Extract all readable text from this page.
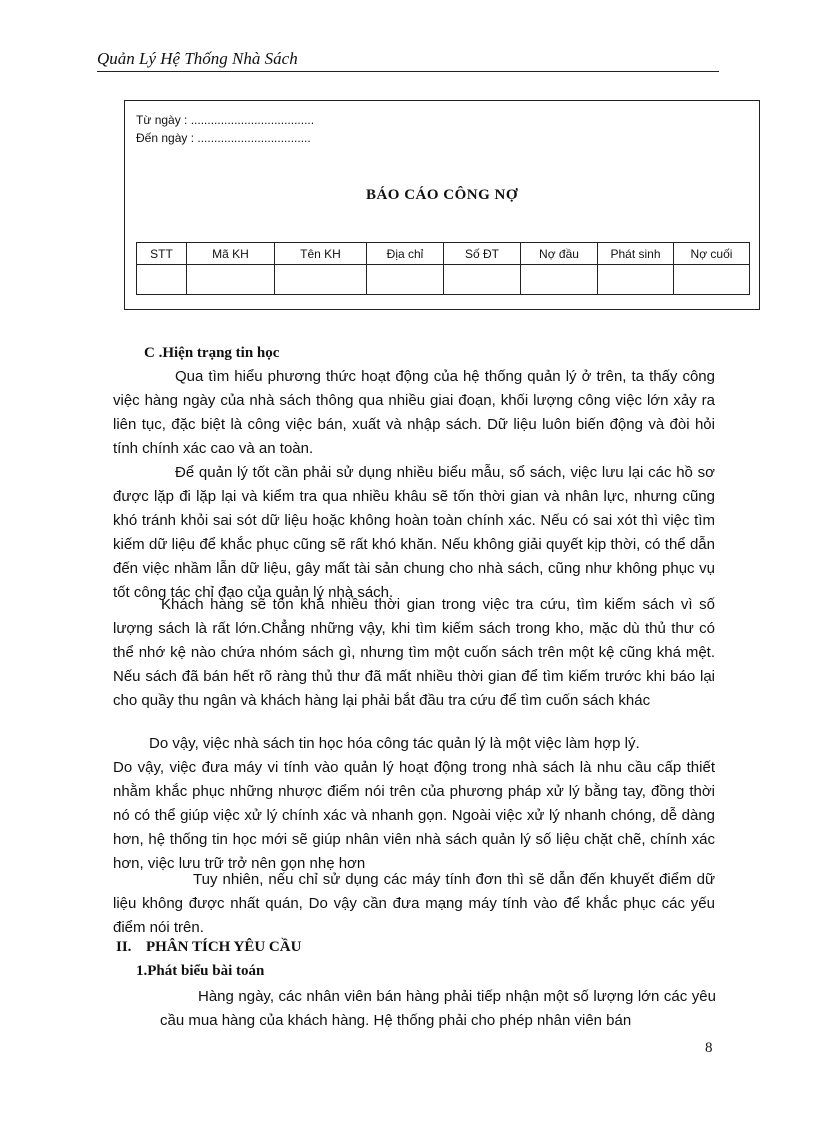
Quản Lý Hệ Thống Nhà Sách
Từ ngày : .....................................
Đến ngày : ..................................
BÁO CÁO CÔNG NỢ
STT	Mã KH	Tên KH	Địa chỉ	Số ĐT	Nợ đầu	Phát sinh	Nợ cuối

C .Hiện trạng tin học
Qua tìm hiểu phương thức hoạt động của hệ thống quản lý ở trên, ta thấy công việc hàng ngày của nhà sách thông qua nhiều giai đoạn, khối lượng công việc lớn xảy ra liên tục, đặc biệt là công việc bán, xuất và nhập sách. Dữ liệu luôn biến động và đòi hỏi tính chính xác cao và an toàn.
Để quản lý tốt cần phải sử dụng nhiều biểu mẫu, sổ sách, việc lưu lại các hồ sơ được lặp đi lặp lại và kiểm tra qua nhiều khâu sẽ tốn thời gian và nhân lực, nhưng cũng khó tránh khỏi sai sót dữ liệu hoặc không hoàn toàn chính xác. Nếu có sai xót thì việc tìm kiếm dữ liệu để khắc phục cũng sẽ rất khó khăn. Nếu không giải quyết kịp thời, có thể dẫn đến việc nhầm lẫn dữ liệu, gây mất tài sản chung cho nhà sách, cũng như không phục vụ tốt công tác chỉ đạo của quản lý nhà sách.
Khách hàng sẽ tốn khá nhiều thời gian trong việc tra cứu, tìm kiếm sách vì số lượng sách là rất lớn.Chẳng những vậy, khi tìm kiếm sách trong kho, mặc dù thủ thư có thể nhớ kệ nào chứa nhóm sách gì, nhưng tìm một cuốn sách trên một kệ cũng khá mệt. Nếu sách đã bán hết rõ ràng thủ thư đã mất nhiều thời gian để tìm kiếm trước khi báo lại cho quầy thu ngân và khách hàng lại phải bắt đầu tra cứu để tìm cuốn sách khác
Do vậy, việc nhà sách tin học hóa công tác quản lý là một việc làm hợp lý.
Do vậy, việc đưa máy vi tính vào quản lý hoạt động trong nhà sách là nhu cầu cấp thiết nhằm khắc phục những nhược điểm nói trên của phương pháp xử lý bằng tay, đồng thời nó có thể giúp việc xử lý chính xác và nhanh gọn. Ngoài việc xử lý nhanh chóng, dễ dàng hơn, hệ thống tin học mới sẽ giúp nhân viên nhà sách quản lý số liệu chặt chẽ, chính xác hơn, việc lưu trữ trở nên gọn nhẹ hơn
Tuy nhiên, nếu chỉ sử dụng các máy tính đơn thì sẽ dẫn đến khuyết điểm dữ liệu không được nhất quán, Do vậy cần đưa mạng máy tính vào để khắc phục các yếu điểm nói trên.
II. PHÂN TÍCH YÊU CẦU
1.Phát biểu bài toán
Hàng ngày, các nhân viên bán hàng phải tiếp nhận một số lượng lớn các yêu cầu mua hàng của khách hàng. Hệ thống phải cho phép nhân viên bán
8
